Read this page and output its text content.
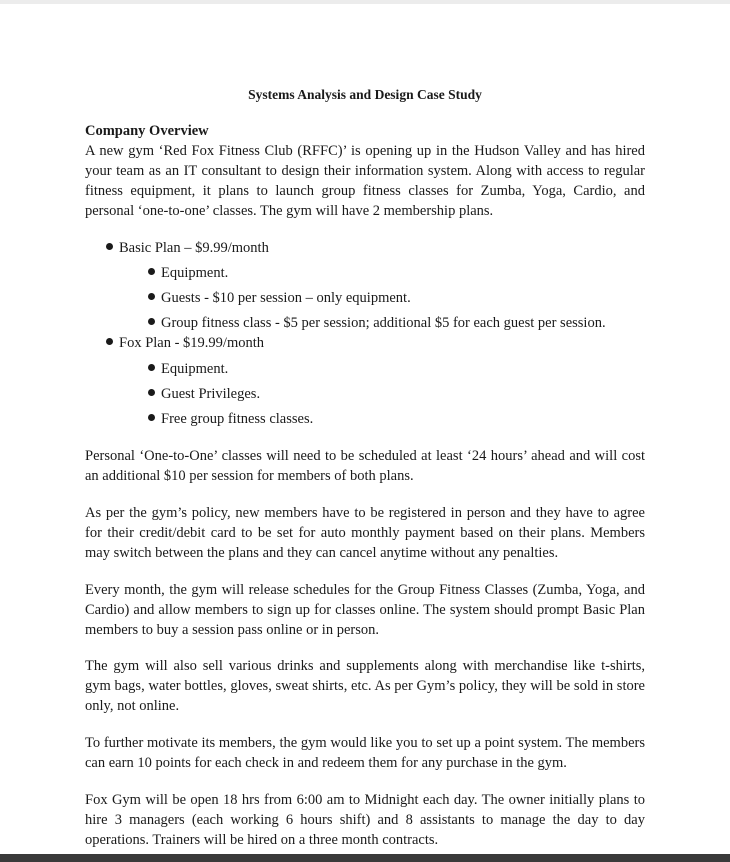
Systems Analysis and Design Case Study
Company Overview

A new gym ‘Red Fox Fitness Club (RFFC)’ is opening up in the Hudson Valley and has hired your team as an IT consultant to design their information system. Along with access to regular fitness equipment, it plans to launch group fitness classes for Zumba, Yoga, Cardio, and personal ‘one-to-one’ classes. The gym will have 2 membership plans.

Basic Plan – $9.99/month
Equipment.
Guests - $10 per session – only equipment.
Group fitness class - $5 per session; additional $5 for each guest per session.
Fox Plan - $19.99/month
Equipment.
Guest Privileges.
Free group fitness classes.

Personal ‘One-to-One’ classes will need to be scheduled at least ‘24 hours’ ahead and will cost an additional $10 per session for members of both plans.

As per the gym’s policy, new members have to be registered in person and they have to agree for their credit/debit card to be set for auto monthly payment based on their plans. Members may switch between the plans and they can cancel anytime without any penalties.

Every month, the gym will release schedules for the Group Fitness Classes (Zumba, Yoga, and Cardio) and allow members to sign up for classes online. The system should prompt Basic Plan members to buy a session pass online or in person.

The gym will also sell various drinks and supplements along with merchandise like t-shirts, gym bags, water bottles, gloves, sweat shirts, etc. As per Gym’s policy, they will be sold in store only, not online.

To further motivate its members, the gym would like you to set up a point system. The members can earn 10 points for each check in and redeem them for any purchase in the gym.

Fox Gym will be open 18 hrs from 6:00 am to Midnight each day. The owner initially plans to hire 3 managers (each working 6 hours shift) and 8 assistants to manage the day to day operations. Trainers will be hired on a three month contracts.
